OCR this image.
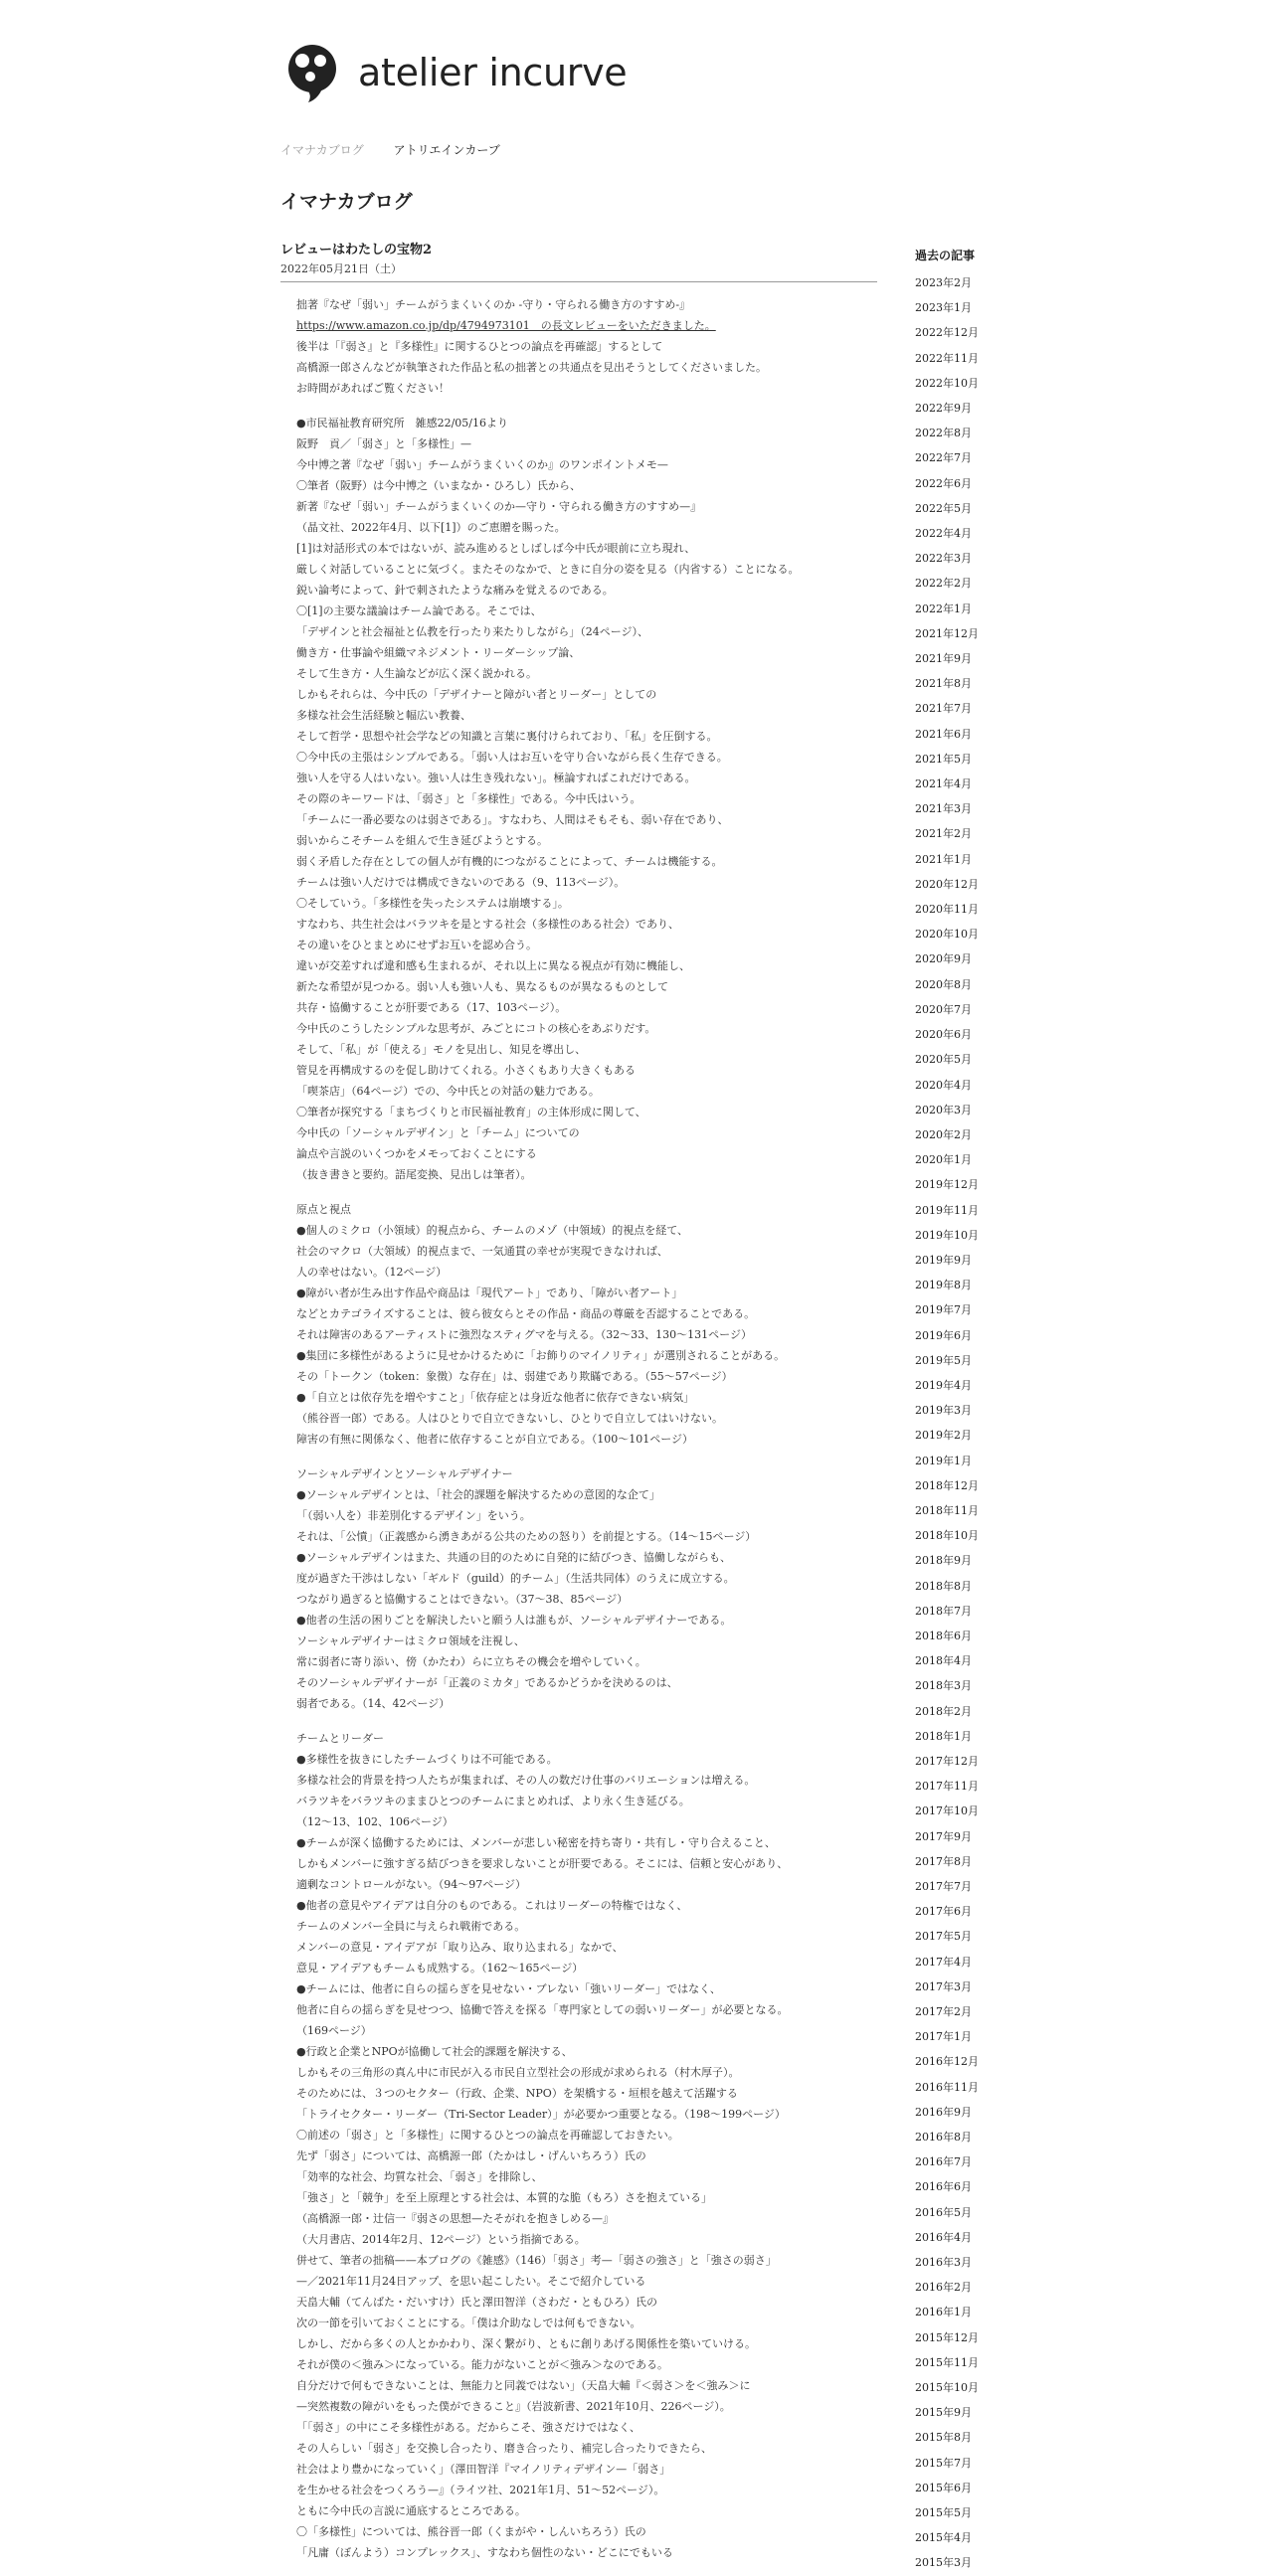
atelier incurve
イマナカブログ アトリエインカーブ
イマナカブログ
レビューはわたしの宝物2
2022年05月21日（土）
拙著『なぜ「弱い」チームがうまくいくのか -守り・守られる働き方のすすめ-』
https://www.amazon.co.jp/dp/4794973101　の長文レビューをいただきました。
後半は「『弱さ』と『多様性』に関するひとつの論点を再確認」するとして
高橋源一郎さんなどが執筆された作品と私の拙著との共通点を見出そうとしてくださいました。
お時間があればご覧ください！
●市民福祉教育研究所　雑感22/05/16より
阪野　貢／「弱さ」と「多様性」—
今中博之著『なぜ「弱い」チームがうまくいくのか』のワンポイントメモ—
〇筆者（阪野）は今中博之（いまなか・ひろし）氏から、
新著『なぜ「弱い」チームがうまくいくのか—守り・守られる働き方のすすめ—』
（晶文社、2022年4月、以下[1]）のご恵贈を賜った。
[1]は対話形式の本ではないが、読み進めるとしばしば今中氏が眼前に立ち現れ、
厳しく対話していることに気づく。またそのなかで、ときに自分の姿を見る（内省する）ことになる。
鋭い論考によって、針で刺されたような痛みを覚えるのである。
〇[1]の主要な議論はチーム論である。そこでは、
「デザインと社会福祉と仏教を行ったり来たりしながら」（24ページ）、
働き方・仕事論や組織マネジメント・リーダーシップ論、
そして生き方・人生論などが広く深く説かれる。
しかもそれらは、今中氏の「デザイナーと障がい者とリーダー」としての
多様な社会生活経験と幅広い教養、
そして哲学・思想や社会学などの知識と言葉に裏付けられており、「私」を圧倒する。
〇今中氏の主張はシンプルである。「弱い人はお互いを守り合いながら長く生存できる。
強い人を守る人はいない。強い人は生き残れない」。極論すればこれだけである。
その際のキーワードは、「弱さ」と「多様性」である。今中氏はいう。
「チームに一番必要なのは弱さである」。すなわち、人間はそもそも、弱い存在であり、
弱いからこそチームを組んで生き延びようとする。
弱く矛盾した存在としての個人が有機的につながることによって、チームは機能する。
チームは強い人だけでは構成できないのである（9、113ページ）。
〇そしていう。「多様性を失ったシステムは崩壊する」。
すなわち、共生社会はバラツキを是とする社会（多様性のある社会）であり、
その違いをひとまとめにせずお互いを認め合う。
違いが交差すれば違和感も生まれるが、それ以上に異なる視点が有効に機能し、
新たな希望が見つかる。弱い人も強い人も、異なるものが異なるものとして
共存・協働することが肝要である（17、103ページ）。
今中氏のこうしたシンプルな思考が、みごとにコトの核心をあぶりだす。
そして、「私」が「使える」モノを見出し、知見を導出し、
管見を再構成するのを促し助けてくれる。小さくもあり大きくもある
「喫茶店」（64ページ）での、今中氏との対話の魅力である。
〇筆者が探究する「まちづくりと市民福祉教育」の主体形成に関して、
今中氏の「ソーシャルデザイン」と「チーム」についての
論点や言説のいくつかをメモっておくことにする
（抜き書きと要約。語尾変換、見出しは筆者）。
原点と視点
●個人のミクロ（小領域）的視点から、チームのメゾ（中領域）的視点を経て、
社会のマクロ（大領域）的視点まで、一気通貫の幸せが実現できなければ、
人の幸せはない。（12ページ）
●障がい者が生み出す作品や商品は「現代アート」であり、「障がい者アート」
などとカテゴライズすることは、彼ら彼女らとその作品・商品の尊厳を否認することである。
それは障害のあるアーティストに強烈なスティグマを与える。（32～33、130～131ページ）
●集団に多様性があるように見せかけるために「お飾りのマイノリティ」が選別されることがある。
その「トークン（token：象徴）な存在」は、弱建であり欺瞞である。（55～57ページ）
●「自立とは依存先を増やすこと」「依存症とは身近な他者に依存できない病気」
（熊谷晋一郎）である。人はひとりで自立できないし、ひとりで自立してはいけない。
障害の有無に関係なく、他者に依存することが自立である。（100～101ページ）
ソーシャルデザインとソーシャルデザイナー
●ソーシャルデザインとは、「社会的課題を解決するための意図的な企て」
「（弱い人を）非差別化するデザイン」をいう。
それは、「公憤」（正義感から湧きあがる公共のための怒り）を前提とする。（14～15ページ）
●ソーシャルデザインはまた、共通の目的のために自発的に結びつき、協働しながらも、
度が過ぎた干渉はしない「ギルド（guild）的チーム」（生活共同体）のうえに成立する。
つながり過ぎると協働することはできない。（37～38、85ページ）
●他者の生活の困りごとを解決したいと願う人は誰もが、ソーシャルデザイナーである。
ソーシャルデザイナーはミクロ領域を注視し、
常に弱者に寄り添い、傍（かたわ）らに立ちその機会を増やしていく。
そのソーシャルデザイナーが「正義のミカタ」であるかどうかを決めるのは、
弱者である。（14、42ページ）
チームとリーダー
●多様性を抜きにしたチームづくりは不可能である。
多様な社会的背景を持つ人たちが集まれば、その人の数だけ仕事のバリエーションは増える。
バラツキをバラツキのままひとつのチームにまとめれば、より永く生き延びる。
（12～13、102、106ページ）
●チームが深く協働するためには、メンバーが悲しい秘密を持ち寄り・共有し・守り合えること、
しかもメンバーに強すぎる結びつきを要求しないことが肝要である。そこには、信頼と安心があり、
適剰なコントロールがない。（94～97ページ）
●他者の意見やアイデアは自分のものである。これはリーダーの特権ではなく、
チームのメンバー全員に与えられ戦術である。
メンバーの意見・アイデアが「取り込み、取り込まれる」なかで、
意見・アイデアもチームも成熟する。（162～165ページ）
●チームには、他者に自らの揺らぎを見せない・ブレない「強いリーダー」ではなく、
他者に自らの揺らぎを見せつつ、協働で答えを探る「専門家としての弱いリーダー」が必要となる。
（169ページ）
●行政と企業とNPOが協働して社会的課題を解決する、
しかもその三角形の真ん中に市民が入る市民自立型社会の形成が求められる（村木厚子）。
そのためには、３つのセクター（行政、企業、NPO）を架橋する・垣根を越えて活躍する
「トライセクター・リーダー（Tri-Sector Leader）」が必要かつ重要となる。（198～199ページ）
〇前述の「弱さ」と「多様性」に関するひとつの論点を再確認しておきたい。
先ず「弱さ」については、高橋源一郎（たかはし・げんいちろう）氏の
「効率的な社会、均質な社会、「弱さ」を排除し、
「強さ」と「競争」を至上原理とする社会は、本質的な脆（もろ）さを抱えている」
（高橋源一郎・辻信一『弱さの思想—たそがれを抱きしめる—』
（大月書店、2014年2月、12ページ）という指摘である。
併せて、筆者の拙稿——本ブログの《雑感》（146）「弱さ」考—「弱さの強さ」と「強さの弱さ」
—／2021年11月24日アップ、を思い起こしたい。そこで紹介している
天畠大輔（てんばた・だいすけ）氏と澤田智洋（さわだ・ともひろ）氏の
次の一節を引いておくことにする。「僕は介助なしでは何もできない。
しかし、だから多くの人とかかわり、深く繋がり、ともに創りあげる関係性を築いていける。
それが僕の＜強み＞になっている。能力がないことが＜強み＞なのである。
自分だけで何もできないことは、無能力と同義ではない」（天畠大輔『＜弱さ＞を＜強み＞に
—突然複数の障がいをもった僕ができること』（岩波新書、2021年10月、226ページ）。
「「弱さ」の中にこそ多様性がある。だからこそ、強さだけではなく、
その人らしい「弱さ」を交換し合ったり、磨き合ったり、補完し合ったりできたら、
社会はより豊かになっていく」（澤田智洋『マイノリティデザイン—「弱さ」
を生かせる社会をつくろう—』（ライツ社、2021年1月、51～52ページ）。
ともに今中氏の言説に通底するところである。
〇「多様性」については、熊谷晋一郎（くまがや・しんいちろう）氏の
「凡庸（ぼんよう）コンプレックス」、すなわち個性のない・どこにでもいる
過去の記事
2023年2月
2023年1月
2022年12月
2022年11月
2022年10月
2022年9月
2022年8月
2022年7月
2022年6月
2022年5月
2022年4月
2022年3月
2022年2月
2022年1月
2021年12月
2021年9月
2021年8月
2021年7月
2021年6月
2021年5月
2021年4月
2021年3月
2021年2月
2021年1月
2020年12月
2020年11月
2020年10月
2020年9月
2020年8月
2020年7月
2020年6月
2020年5月
2020年4月
2020年3月
2020年2月
2020年1月
2019年12月
2019年11月
2019年10月
2019年9月
2019年8月
2019年7月
2019年6月
2019年5月
2019年4月
2019年3月
2019年2月
2019年1月
2018年12月
2018年11月
2018年10月
2018年9月
2018年8月
2018年7月
2018年6月
2018年4月
2018年3月
2018年2月
2018年1月
2017年12月
2017年11月
2017年10月
2017年9月
2017年8月
2017年7月
2017年6月
2017年5月
2017年4月
2017年3月
2017年2月
2017年1月
2016年12月
2016年11月
2016年9月
2016年8月
2016年7月
2016年6月
2016年5月
2016年4月
2016年3月
2016年2月
2016年1月
2015年12月
2015年11月
2015年10月
2015年9月
2015年8月
2015年7月
2015年6月
2015年5月
2015年4月
2015年3月
